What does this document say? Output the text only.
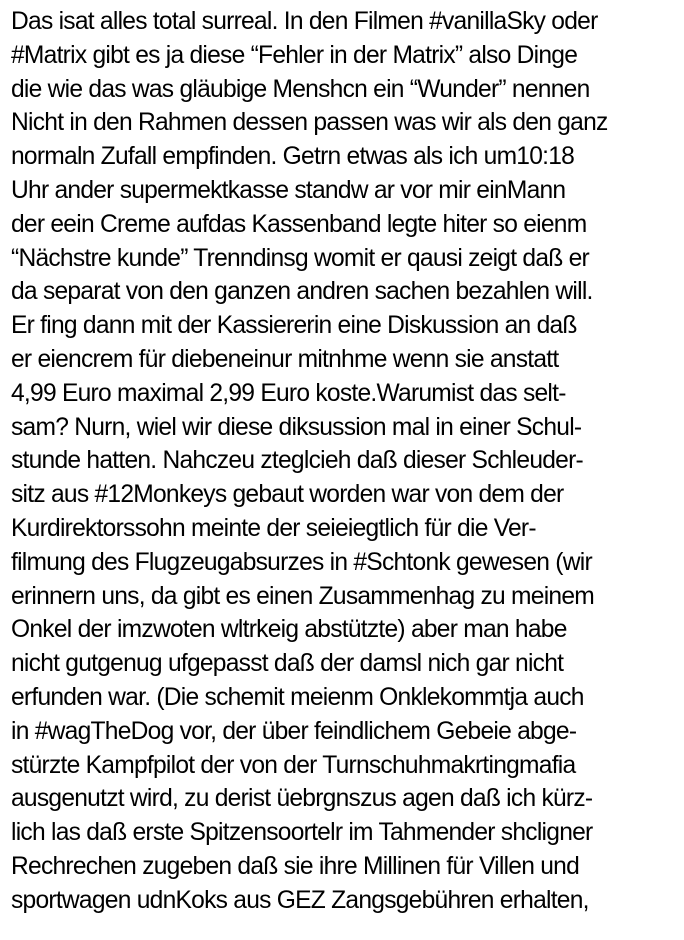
Das isat alles total surreal. In den Filmen #vanillaSky oder
#Matrix gibt es ja diese “Fehler in der Matrix” also Dinge
die wie das was gläubige Menshcn ein “Wunder” nennen
Nicht in den Rahmen dessen passen was wir als den ganz
normaln Zufall empfinden. Getrn etwas als ich um10:18
Uhr ander supermektkasse standw ar vor mir einMann
der eein Creme aufdas Kassenband legte hiter so eienm
“Nächstre kunde” Trenndinsg womit er qausi zeigt daß er
da separat von den ganzen andren sachen bezahlen will.
Er fing dann mit der Kassiererin eine Diskussion an daß
er eiencrem für diebeneinur mitnhme wenn sie anstatt
4,99 Euro maximal 2,99 Euro koste.Warumist das selt-
sam? Nurn, wiel wir diese diksussion mal in einer Schul-
stunde hatten. Nahczeu zteglcieh daß dieser Schleuder-
sitz aus #12Monkeys gebaut worden war von dem der
Kurdirektorssohn meinte der seieiegtlich für die Ver-
filmung des Flugzeugabsurzes in #Schtonk gewesen (wir
erinnern uns, da gibt es einen Zusammenhag zu meinem
Onkel der imzwoten wltrkeig abstützte) aber man habe
nicht gutgenug ufgepasst daß der damsl nich gar nicht
erfunden war. (Die schemit meienm Onklekommtja auch
in #wagTheDog vor, der über feindlichem Gebeie abge-
stürzte Kampfpilot der von der Turnschuhmakrtingmafia
ausgenutzt wird, zu derist üebrgnszus agen daß ich kürz-
lich las daß erste Spitzensoortelr im Tahmender shcligner
Rechrechen zugeben daß sie ihre Millinen für Villen und
sportwagen udnKoks aus GEZ Zangsgebühren erhalten,
